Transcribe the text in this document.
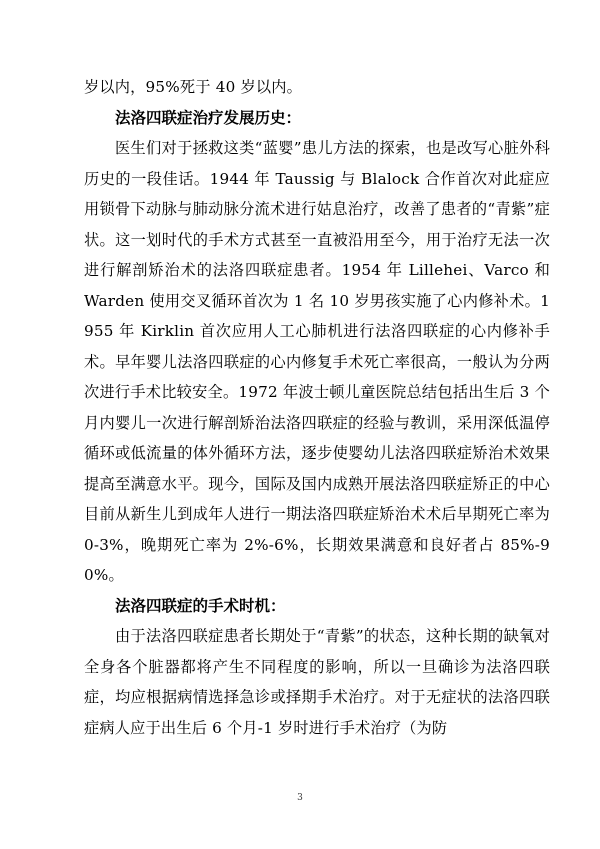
岁以内，95%死于 40 岁以内。

法洛四联症治疗发展历史：

医生们对于拯救这类“蓝婴”患儿方法的探索，也是改写心脏外科历史的一段佳话。1944 年 Taussig 与 Blalock 合作首次对此症应用锁骨下动脉与肺动脉分流术进行姑息治疗，改善了患者的“青紫”症状。这一划时代的手术方式甚至一直被沿用至今，用于治疗无法一次进行解剖矫治术的法洛四联症患者。1954 年 Lillehei、Varco 和 Warden 使用交叉循环首次为 1 名 10 岁男孩实施了心内修补术。1955 年 Kirklin 首次应用人工心肺机进行法洛四联症的心内修补手术。早年婴儿法洛四联症的心内修复手术死亡率很高，一般认为分两次进行手术比较安全。1972 年波士顿儿童医院总结包括出生后 3 个月内婴儿一次进行解剖矫治法洛四联症的经验与教训，采用深低温停循环或低流量的体外循环方法，逐步使婴幼儿法洛四联症矫治术效果提高至满意水平。现今，国际及国内成熟开展法洛四联症矫正的中心目前从新生儿到成年人进行一期法洛四联症矫治术术后早期死亡率为 0-3%，晚期死亡率为 2%-6%，长期效果满意和良好者占 85%-90%。

法洛四联症的手术时机：

由于法洛四联症患者长期处于“青紫”的状态，这种长期的缺氧对全身各个脏器都将产生不同程度的影响，所以一旦确诊为法洛四联症，均应根据病情选择急诊或择期手术治疗。对于无症状的法洛四联症病人应于出生后 6 个月-1 岁时进行手术治疗（为防

3
